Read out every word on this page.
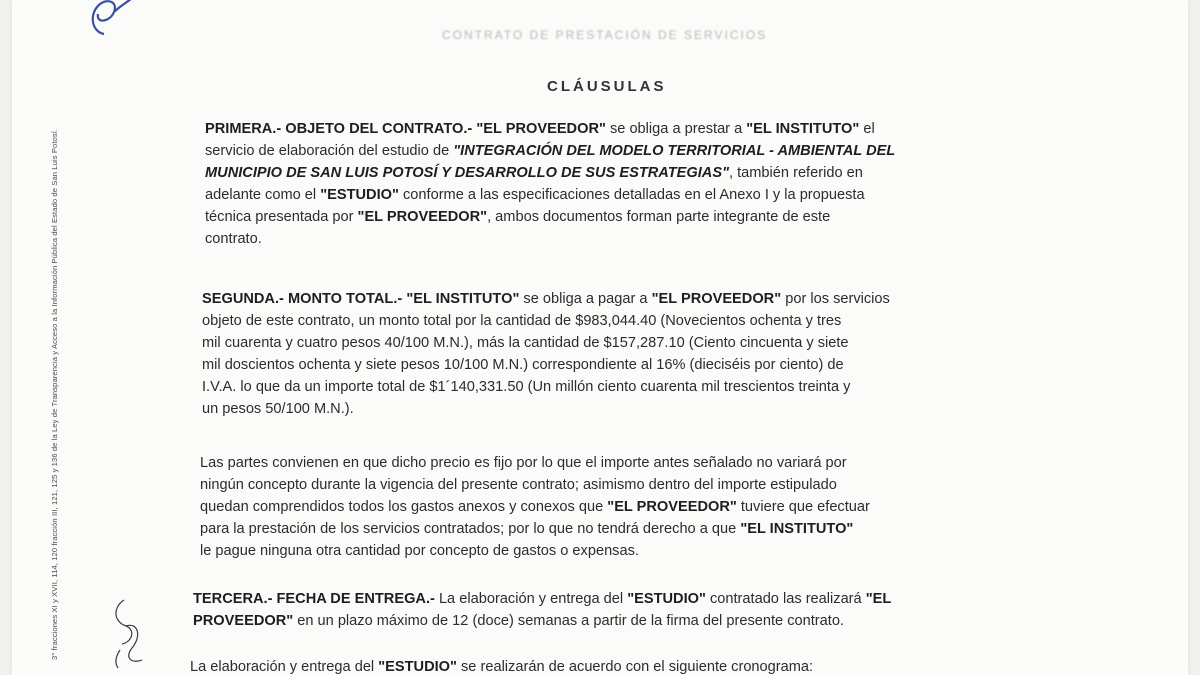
3° fracciones XI y XVII, 114, 120 fracción III, 121, 125 y 136 de la Ley de Transparencia y Acceso a la Información Pública del Estado de San Luis Potosí.
CONTRATO DE PRESTACIÓN DE SERVICIOS
CLÁUSULAS
PRIMERA.- OBJETO DEL CONTRATO.- "EL PROVEEDOR" se obliga a prestar a "EL INSTITUTO" el
servicio de elaboración del estudio de "INTEGRACIÓN DEL MODELO TERRITORIAL - AMBIENTAL DEL
MUNICIPIO DE SAN LUIS POTOSÍ Y DESARROLLO DE SUS ESTRATEGIAS", también referido en
adelante como el "ESTUDIO" conforme a las especificaciones detalladas en el Anexo I y la propuesta
técnica presentada por "EL PROVEEDOR", ambos documentos forman parte integrante de este
contrato.
SEGUNDA.- MONTO TOTAL.- "EL INSTITUTO" se obliga a pagar a "EL PROVEEDOR" por los servicios
objeto de este contrato, un monto total por la cantidad de $983,044.40 (Novecientos ochenta y tres
mil cuarenta y cuatro pesos 40/100 M.N.), más la cantidad de $157,287.10 (Ciento cincuenta y siete
mil doscientos ochenta y siete pesos 10/100 M.N.) correspondiente al 16% (dieciséis por ciento) de
I.V.A. lo que da un importe total de $1´140,331.50 (Un millón ciento cuarenta mil trescientos treinta y
un pesos 50/100 M.N.).
Las partes convienen en que dicho precio es fijo por lo que el importe antes señalado no variará por
ningún concepto durante la vigencia del presente contrato; asimismo dentro del importe estipulado
quedan comprendidos todos los gastos anexos y conexos que "EL PROVEEDOR" tuviere que efectuar
para la prestación de los servicios contratados; por lo que no tendrá derecho a que "EL INSTITUTO"
le pague ninguna otra cantidad por concepto de gastos o expensas.
TERCERA.- FECHA DE ENTREGA.- La elaboración y entrega del "ESTUDIO" contratado las realizará "EL
PROVEEDOR" en un plazo máximo de 12 (doce) semanas a partir de la firma del presente contrato.
La elaboración y entrega del "ESTUDIO" se realizarán de acuerdo con el siguiente cronograma:
